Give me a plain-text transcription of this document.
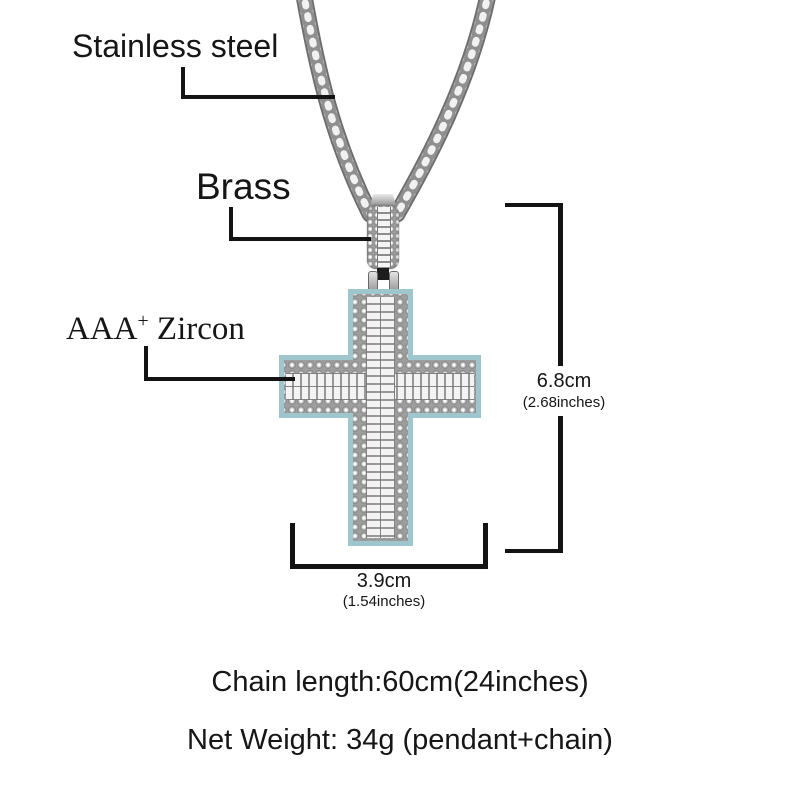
Stainless steel
Brass
AAA+ Zircon
6.8cm
(2.68inches)
3.9cm
(1.54inches)
Chain length:60cm(24inches)
Net Weight: 34g (pendant+chain)
